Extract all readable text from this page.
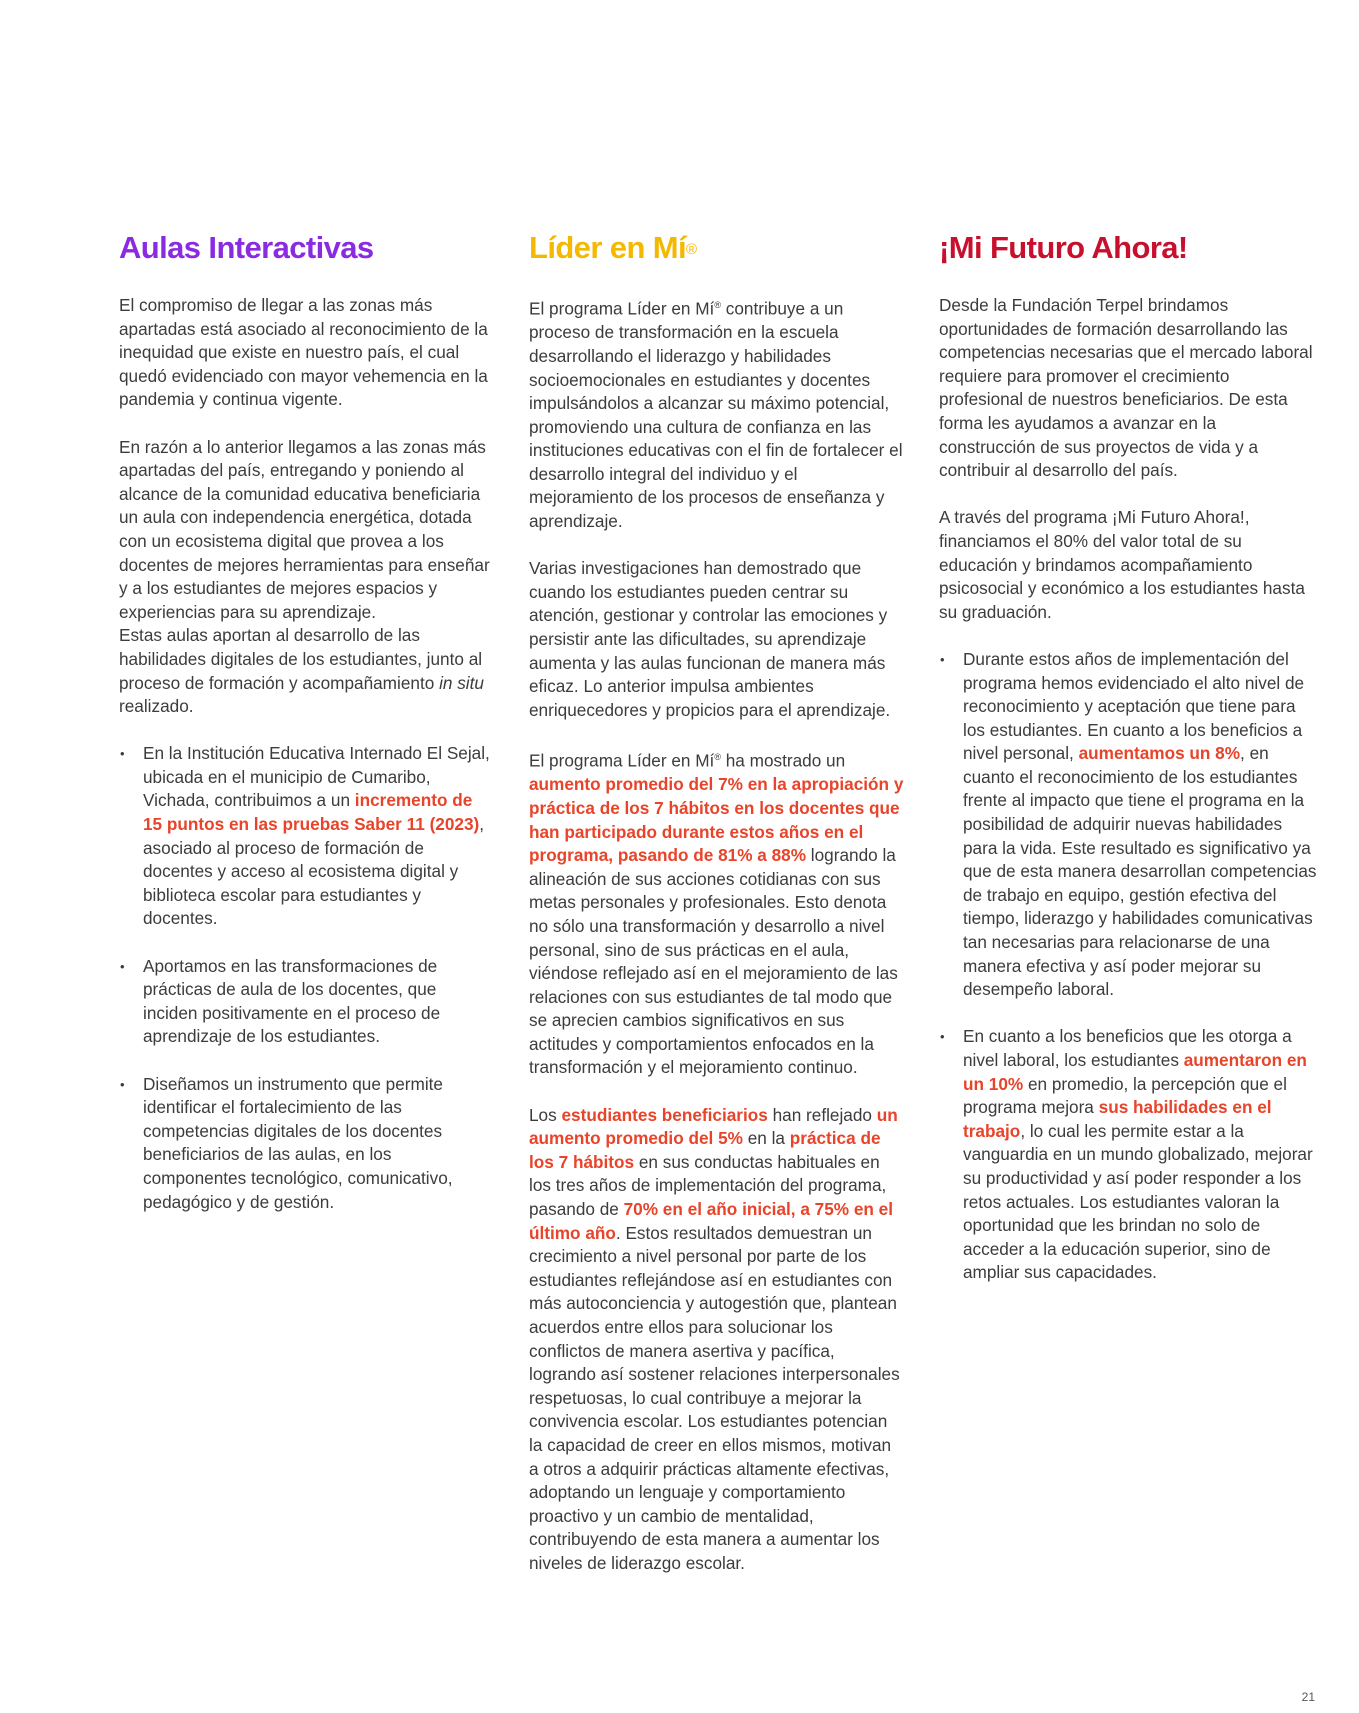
Aulas Interactivas

El compromiso de llegar a las zonas más apartadas está asociado al reconocimiento de la inequidad que existe en nuestro país, el cual quedó evidenciado con mayor vehemencia en la pandemia y continua vigente.

En razón a lo anterior llegamos a las zonas más apartadas del país, entregando y poniendo al alcance de la comunidad educativa beneficiaria un aula con independencia energética, dotada con un ecosistema digital que provea a los docentes de mejores herramientas para enseñar y a los estudiantes de mejores espacios y experiencias para su aprendizaje.

Estas aulas aportan al desarrollo de las habilidades digitales de los estudiantes, junto al proceso de formación y acompañamiento in situ realizado.

• En la Institución Educativa Internado El Sejal, ubicada en el municipio de Cumaribo, Vichada, contribuimos a un incremento de 15 puntos en las pruebas Saber 11 (2023), asociado al proceso de formación de docentes y acceso al ecosistema digital y biblioteca escolar para estudiantes y docentes.
• Aportamos en las transformaciones de prácticas de aula de los docentes, que inciden positivamente en el proceso de aprendizaje de los estudiantes.
• Diseñamos un instrumento que permite identificar el fortalecimiento de las competencias digitales de los docentes beneficiarios de las aulas, en los componentes tecnológico, comunicativo, pedagógico y de gestión.
Líder en Mí®

El programa Líder en Mí® contribuye a un proceso de transformación en la escuela desarrollando el liderazgo y habilidades socioemocionales en estudiantes y docentes impulsándolos a alcanzar su máximo potencial, promoviendo una cultura de confianza en las instituciones educativas con el fin de fortalecer el desarrollo integral del individuo y el mejoramiento de los procesos de enseñanza y aprendizaje.

Varias investigaciones han demostrado que cuando los estudiantes pueden centrar su atención, gestionar y controlar las emociones y persistir ante las dificultades, su aprendizaje aumenta y las aulas funcionan de manera más eficaz. Lo anterior impulsa ambientes enriquecedores y propicios para el aprendizaje.

El programa Líder en Mí® ha mostrado un aumento promedio del 7% en la apropiación y práctica de los 7 hábitos en los docentes que han participado durante estos años en el programa, pasando de 81% a 88% logrando la alineación de sus acciones cotidianas con sus metas personales y profesionales. Esto denota no sólo una transformación y desarrollo a nivel personal, sino de sus prácticas en el aula, viéndose reflejado así en el mejoramiento de las relaciones con sus estudiantes de tal modo que se aprecien cambios significativos en sus actitudes y comportamientos enfocados en la transformación y el mejoramiento continuo.

Los estudiantes beneficiarios han reflejado un aumento promedio del 5% en la práctica de los 7 hábitos en sus conductas habituales en los tres años de implementación del programa, pasando de 70% en el año inicial, a 75% en el último año. Estos resultados demuestran un crecimiento a nivel personal por parte de los estudiantes reflejándose así en estudiantes con más autoconciencia y autogestión que, plantean acuerdos entre ellos para solucionar los conflictos de manera asertiva y pacífica, logrando así sostener relaciones interpersonales respetuosas, lo cual contribuye a mejorar la convivencia escolar. Los estudiantes potencian la capacidad de creer en ellos mismos, motivan a otros a adquirir prácticas altamente efectivas, adoptando un lenguaje y comportamiento proactivo y un cambio de mentalidad, contribuyendo de esta manera a aumentar los niveles de liderazgo escolar.

¡Mi Futuro Ahora!

Desde la Fundación Terpel brindamos oportunidades de formación desarrollando las competencias necesarias que el mercado laboral requiere para promover el crecimiento profesional de nuestros beneficiarios. De esta forma les ayudamos a avanzar en la construcción de sus proyectos de vida y a contribuir al desarrollo del país.

A través del programa ¡Mi Futuro Ahora!, financiamos el 80% del valor total de su educación y brindamos acompañamiento psicosocial y económico a los estudiantes hasta su graduación.

• Durante estos años de implementación del programa hemos evidenciado el alto nivel de reconocimiento y aceptación que tiene para los estudiantes. En cuanto a los beneficios a nivel personal, aumentamos un 8%, en cuanto el reconocimiento de los estudiantes frente al impacto que tiene el programa en la posibilidad de adquirir nuevas habilidades para la vida. Este resultado es significativo ya que de esta manera desarrollan competencias de trabajo en equipo, gestión efectiva del tiempo, liderazgo y habilidades comunicativas tan necesarias para relacionarse de una manera efectiva y así poder mejorar su desempeño laboral.
• En cuanto a los beneficios que les otorga a nivel laboral, los estudiantes aumentaron en un 10% en promedio, la percepción que el programa mejora sus habilidades en el trabajo, lo cual les permite estar a la vanguardia en un mundo globalizado, mejorar su productividad y así poder responder a los retos actuales. Los estudiantes valoran la oportunidad que les brindan no solo de acceder a la educación superior, sino de ampliar sus capacidades.
21
